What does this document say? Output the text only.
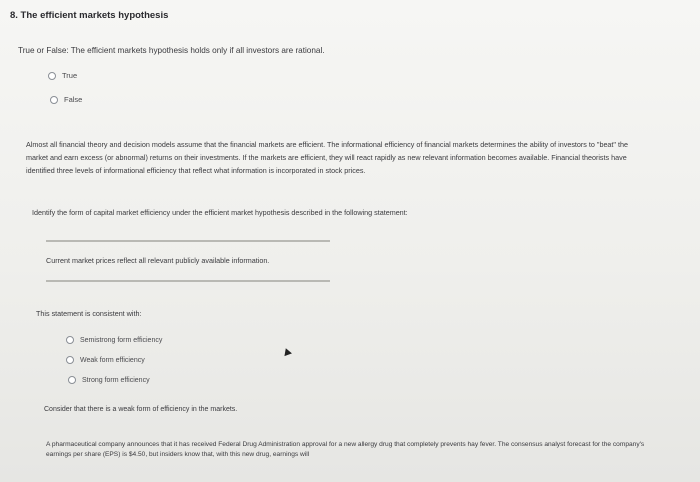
8. The efficient markets hypothesis
True or False: The efficient markets hypothesis holds only if all investors are rational.
True
False
Almost all financial theory and decision models assume that the financial markets are efficient. The informational efficiency of financial markets determines the ability of investors to "beat" the market and earn excess (or abnormal) returns on their investments. If the markets are efficient, they will react rapidly as new relevant information becomes available. Financial theorists have identified three levels of informational efficiency that reflect what information is incorporated in stock prices.
Identify the form of capital market efficiency under the efficient market hypothesis described in the following statement:
Current market prices reflect all relevant publicly available information.
This statement is consistent with:
Semistrong form efficiency
Weak form efficiency
Strong form efficiency
Consider that there is a weak form of efficiency in the markets.
A pharmaceutical company announces that it has received Federal Drug Administration approval for a new allergy drug that completely prevents hay fever. The consensus analyst forecast for the company's earnings per share (EPS) is $4.50, but insiders know that, with this new drug, earnings will
